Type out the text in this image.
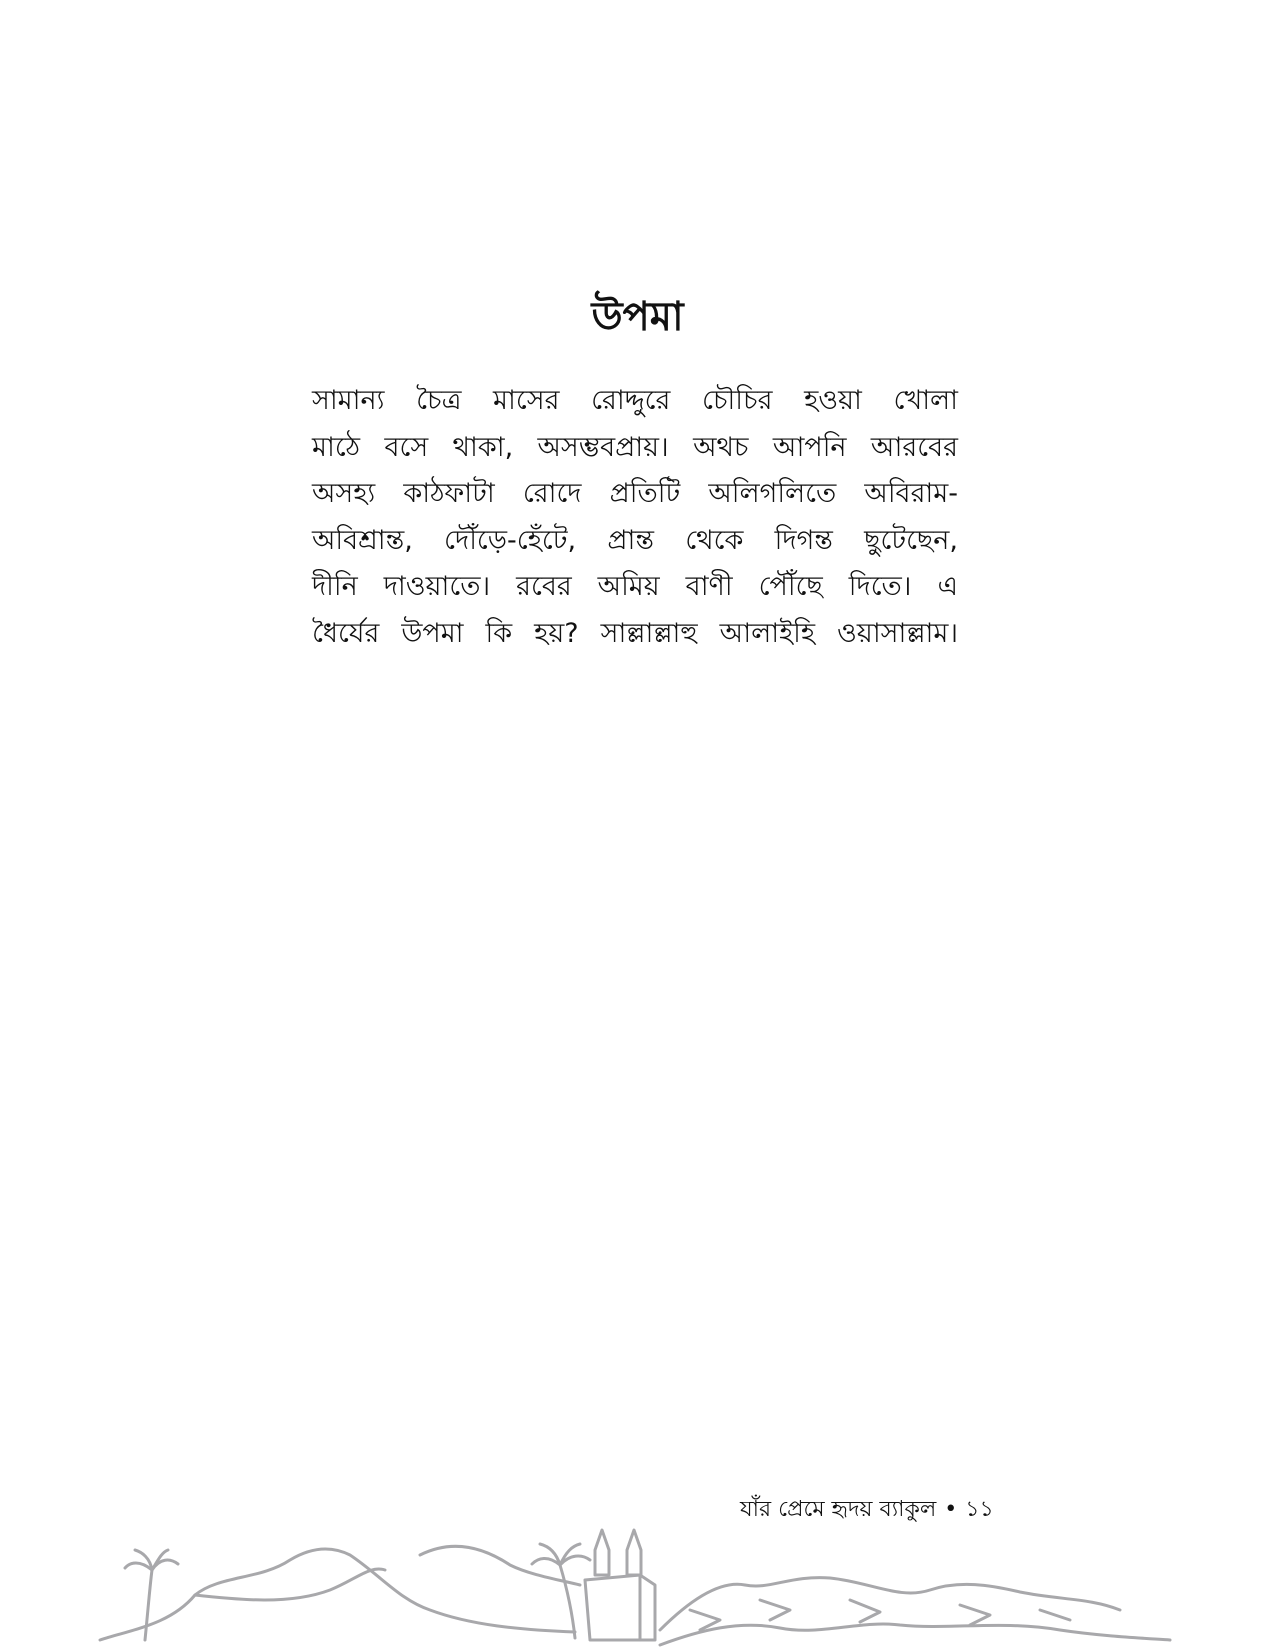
উপমা
সামান্য চৈত্র মাসের রোদ্দুরে চৌচির হওয়া খোলা
মাঠে বসে থাকা, অসম্ভবপ্রায়। অথচ আপনি আরবের
অসহ্য কাঠফাটা রোদে প্রতিটি অলিগলিতে অবিরাম-
অবিশ্রান্ত, দৌঁড়ে-হেঁটে, প্রান্ত থেকে দিগন্ত ছুটেছেন,
দীনি দাওয়াতে। রবের অমিয় বাণী পৌঁছে দিতে। এ
ধৈর্যের উপমা কি হয়? সাল্লাল্লাহু আলাইহি ওয়াসাল্লাম।
যাঁর প্রেমে হৃদয় ব্যাকুল • ১১
